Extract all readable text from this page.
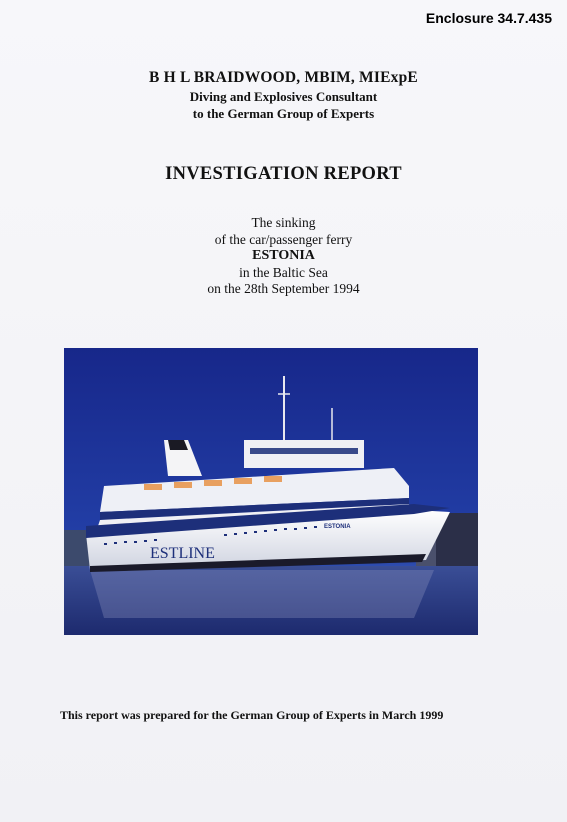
Enclosure 34.7.435
B H L BRAIDWOOD, MBIM, MIExpE
Diving and Explosives Consultant
to the German Group of Experts
INVESTIGATION REPORT
The sinking
of the car/passenger ferry
ESTONIA
in the Baltic Sea
on the 28th September 1994
ESTLINE
ESTONIA
This report was prepared for the German Group of Experts in March 1999
